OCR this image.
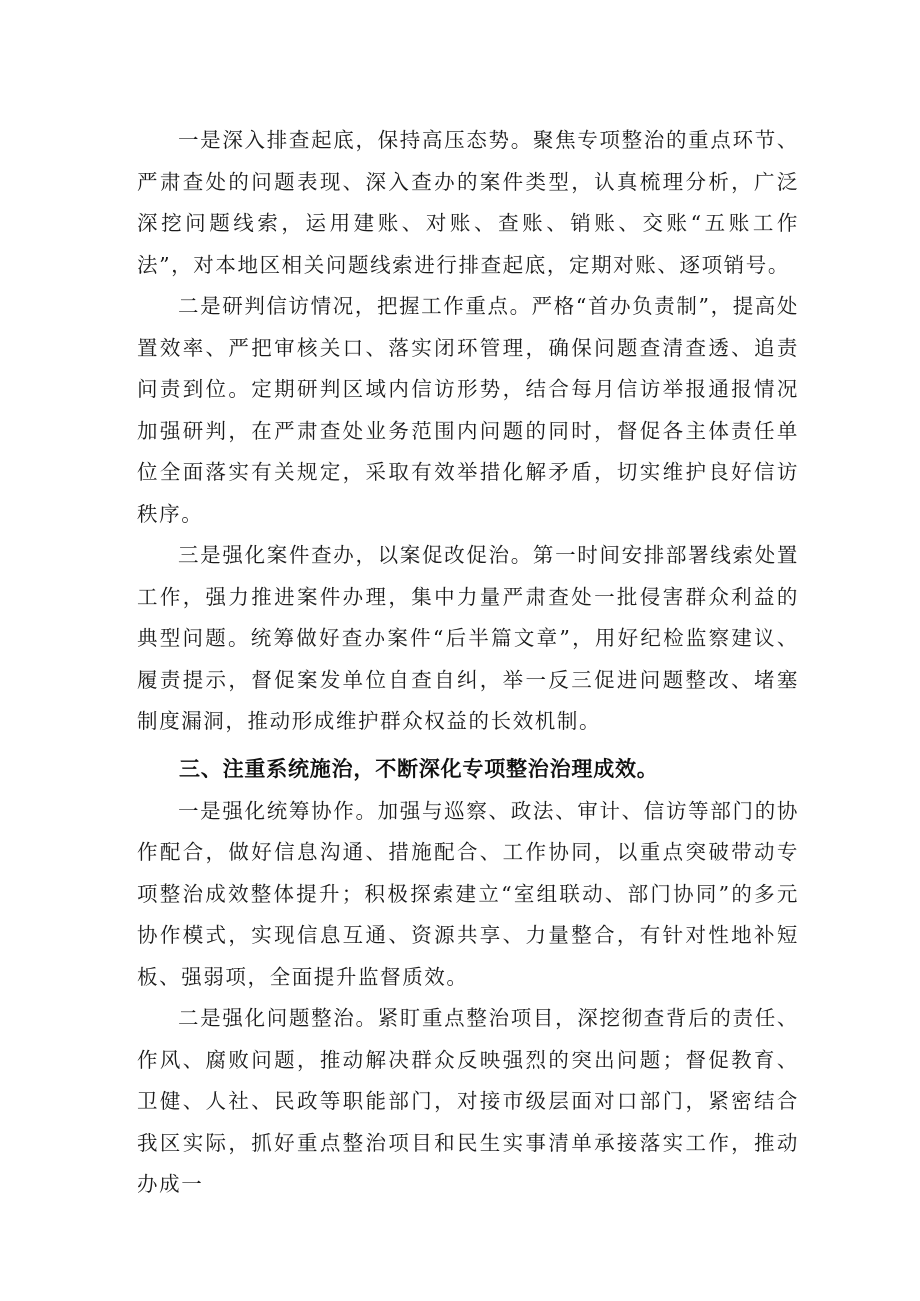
一是深入排查起底，保持高压态势。聚焦专项整治的重点环节、严肃查处的问题表现、深入查办的案件类型，认真梳理分析，广泛深挖问题线索，运用建账、对账、查账、销账、交账“五账工作法”，对本地区相关问题线索进行排查起底，定期对账、逐项销号。

二是研判信访情况，把握工作重点。严格“首办负责制”，提高处置效率、严把审核关口、落实闭环管理，确保问题查清查透、追责问责到位。定期研判区域内信访形势，结合每月信访举报通报情况加强研判，在严肃查处业务范围内问题的同时，督促各主体责任单位全面落实有关规定，采取有效举措化解矛盾，切实维护良好信访秩序。

三是强化案件查办，以案促改促治。第一时间安排部署线索处置工作，强力推进案件办理，集中力量严肃查处一批侵害群众利益的典型问题。统筹做好查办案件“后半篇文章”，用好纪检监察建议、履责提示，督促案发单位自查自纠，举一反三促进问题整改、堵塞制度漏洞，推动形成维护群众权益的长效机制。

三、注重系统施治，不断深化专项整治治理成效。

一是强化统筹协作。加强与巡察、政法、审计、信访等部门的协作配合，做好信息沟通、措施配合、工作协同，以重点突破带动专项整治成效整体提升；积极探索建立“室组联动、部门协同”的多元协作模式，实现信息互通、资源共享、力量整合，有针对性地补短板、强弱项，全面提升监督质效。

二是强化问题整治。紧盯重点整治项目，深挖彻查背后的责任、作风、腐败问题，推动解决群众反映强烈的突出问题；督促教育、卫健、人社、民政等职能部门，对接市级层面对口部门，紧密结合我区实际，抓好重点整治项目和民生实事清单承接落实工作，推动办成一
